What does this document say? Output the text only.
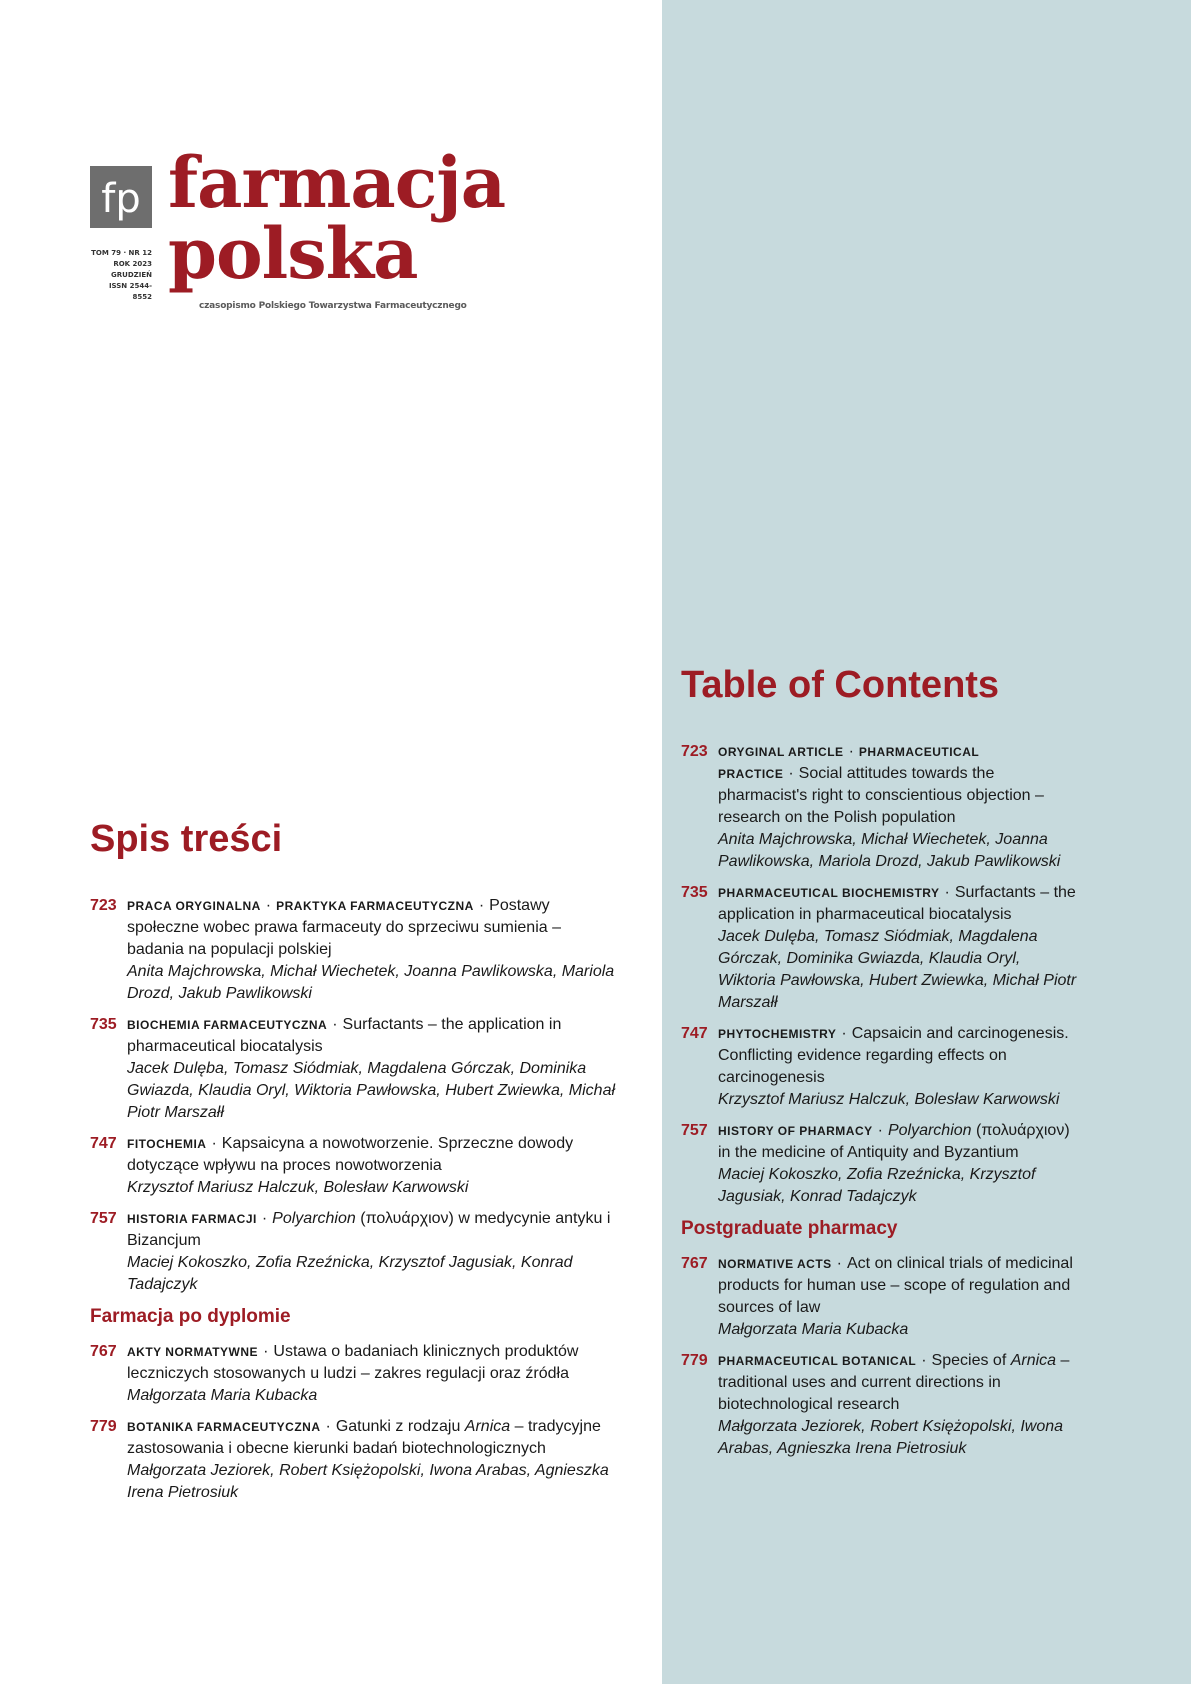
fp farmacja
polska
TOM 79 · NR 12
ROK 2023
GRUDZIEŃ
ISSN 2544-8552
czasopismo Polskiego Towarzystwa Farmaceutycznego
Spis treści
723 PRACA ORYGINALNA · PRAKTYKA FARMACEUTYCZNA · Postawy społeczne wobec prawa farmaceuty do sprzeciwu sumienia – badania na populacji polskiej
Anita Majchrowska, Michał Wiechetek, Joanna Pawlikowska, Mariola Drozd, Jakub Pawlikowski
735 BIOCHEMIA FARMACEUTYCZNA · Surfactants – the application in pharmaceutical biocatalysis
Jacek Dulęba, Tomasz Siódmiak, Magdalena Górczak, Dominika Gwiazda, Klaudia Oryl, Wiktoria Pawłowska, Hubert Zwiewka, Michał Piotr Marszałł
747 FITOCHEMIA · Kapsaicyna a nowotworzenie. Sprzeczne dowody dotyczące wpływu na proces nowotworzenia
Krzysztof Mariusz Halczuk, Bolesław Karwowski
757 HISTORIA FARMACJI · Polyarchion (πολυάρχιον) w medycynie antyku i Bizancjum
Maciej Kokoszko, Zofia Rzeźnicka, Krzysztof Jagusiak, Konrad Tadajczyk
Farmacja po dyplomie
767 AKTY NORMATYWNE · Ustawa o badaniach klinicznych produktów leczniczych stosowanych u ludzi – zakres regulacji oraz źródła
Małgorzata Maria Kubacka
779 BOTANIKA FARMACEUTYCZNA · Gatunki z rodzaju Arnica – tradycyjne zastosowania i obecne kierunki badań biotechnologicznych
Małgorzata Jeziorek, Robert Księżopolski, Iwona Arabas, Agnieszka Irena Pietrosiuk
Table of Contents
723 ORYGINAL ARTICLE · PHARMACEUTICAL PRACTICE · Social attitudes towards the pharmacist's right to conscientious objection – research on the Polish population
Anita Majchrowska, Michał Wiechetek, Joanna Pawlikowska, Mariola Drozd, Jakub Pawlikowski
735 PHARMACEUTICAL BIOCHEMISTRY · Surfactants – the application in pharmaceutical biocatalysis
Jacek Dulęba, Tomasz Siódmiak, Magdalena Górczak, Dominika Gwiazda, Klaudia Oryl, Wiktoria Pawłowska, Hubert Zwiewka, Michał Piotr Marszałł
747 PHYTOCHEMISTRY · Capsaicin and carcinogenesis. Conflicting evidence regarding effects on carcinogenesis
Krzysztof Mariusz Halczuk, Bolesław Karwowski
757 HISTORY OF PHARMACY · Polyarchion (πολυάρχιον) in the medicine of Antiquity and Byzantium
Maciej Kokoszko, Zofia Rzeźnicka, Krzysztof Jagusiak, Konrad Tadajczyk
Postgraduate pharmacy
767 NORMATIVE ACTS · Act on clinical trials of medicinal products for human use – scope of regulation and sources of law
Małgorzata Maria Kubacka
779 PHARMACEUTICAL BOTANICAL · Species of Arnica – traditional uses and current directions in biotechnological research
Małgorzata Jeziorek, Robert Księżopolski, Iwona Arabas, Agnieszka Irena Pietrosiuk
